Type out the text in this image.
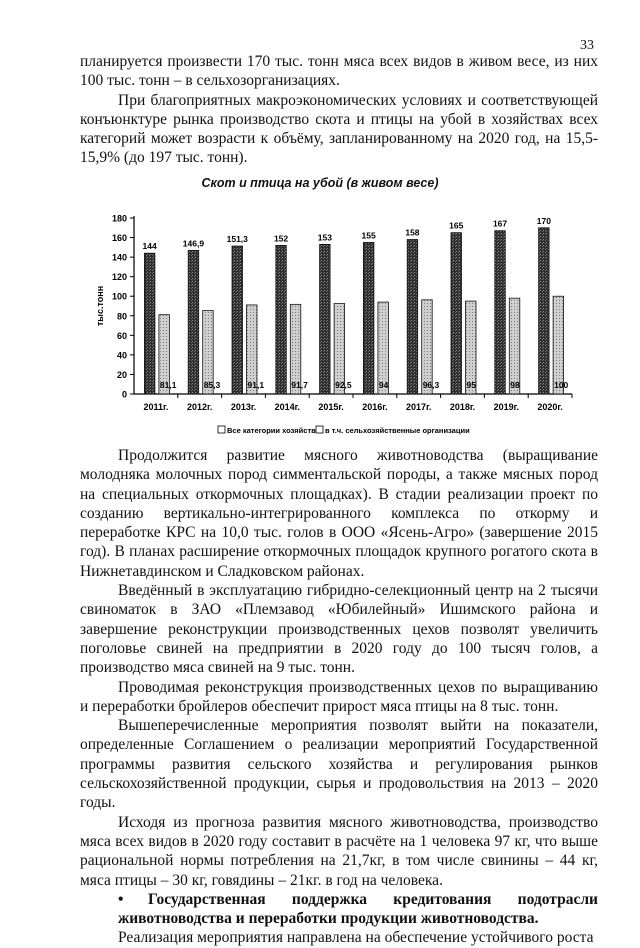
33

планируется произвести 170 тыс. тонн мяса всех видов в живом весе, из них 100 тыс. тонн – в сельхозорганизациях.

При благоприятных макроэкономических условиях и соответствующей конъюнктуре рынка производство скота и птицы на убой в хозяйствах всех категорий может возрасти к объёму, запланированному на 2020 год, на 15,5-15,9% (до 197 тыс. тонн).

Скот и птица на убой (в живом весе)
0
20
40
60
80
100
120
140
160
180
тыс.тонн
2011г.
144
81,1
2012г.
146,9
85,3
2013г.
151,3
91,1
2014г.
152
91,7
2015г.
153
92,5
2016г.
155
94
2017г.
158
96,3
2018г.
165
95
2019г.
167
98
2020г.
170
100
Все категории хозяйств в т.ч. сельхозяйственные организации

Продолжится развитие мясного животноводства (выращивание молодняка молочных пород симментальской породы, а также мясных пород на специальных откормочных площадках). В стадии реализации проект по созданию вертикально-интегрированного комплекса по откорму и переработке КРС на 10,0 тыс. голов в ООО «Ясень-Агро» (завершение 2015 год). В планах расширение откормочных площадок крупного рогатого скота в Нижнетавдинском и Сладковском районах.

Введённый в эксплуатацию гибридно-селекционный центр на 2 тысячи свиноматок в ЗАО «Племзавод «Юбилейный» Ишимского района и завершение реконструкции производственных цехов позволят увеличить поголовье свиней на предприятии в 2020 году до 100 тысяч голов, а производство мяса свиней на 9 тыс. тонн.

Проводимая реконструкция производственных цехов по выращиванию и переработки бройлеров обеспечит прирост мяса птицы на 8 тыс. тонн.

Вышеперечисленные мероприятия позволят выйти на показатели, определенные Соглашением о реализации мероприятий Государственной программы развития сельского хозяйства и регулирования рынков сельскохозяйственной продукции, сырья и продовольствия на 2013 – 2020 годы.

Исходя из прогноза развития мясного животноводства, производство мяса всех видов в 2020 году составит в расчёте на 1 человека 97 кг, что выше рациональной нормы потребления на 21,7кг, в том числе свинины – 44 кг, мяса птицы – 30 кг, говядины – 21кг. в год на человека.

• Государственная поддержка кредитования подотрасли животноводства и переработки продукции животноводства.

Реализация мероприятия направлена на обеспечение устойчивого роста
